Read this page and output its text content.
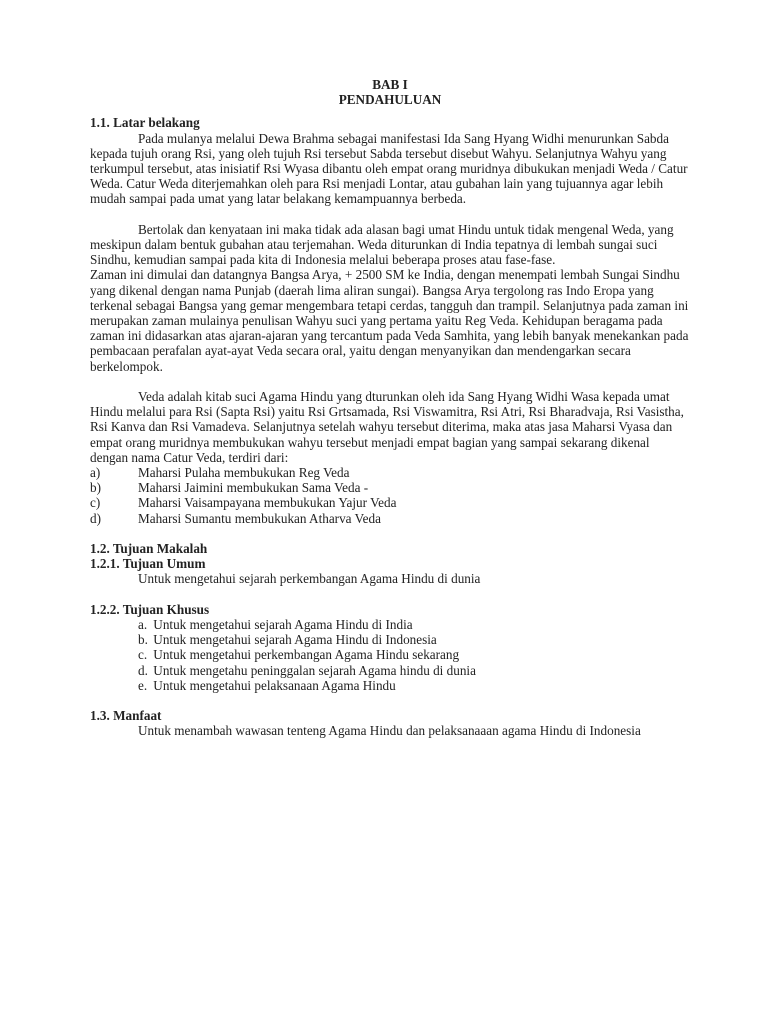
BAB I
PENDAHULUAN
1.1. Latar belakang

Pada mulanya melalui Dewa Brahma sebagai manifestasi Ida Sang Hyang Widhi menurunkan Sabda kepada tujuh orang Rsi, yang oleh tujuh Rsi tersebut Sabda tersebut disebut Wahyu. Selanjutnya Wahyu yang terkumpul tersebut, atas inisiatif Rsi Wyasa dibantu oleh empat orang muridnya dibukukan menjadi Weda / Catur Weda. Catur Weda diterjemahkan oleh para Rsi menjadi Lontar, atau gubahan lain yang tujuannya agar lebih mudah sampai pada umat yang latar belakang kemampuannya berbeda.

Bertolak dan kenyataan ini maka tidak ada alasan bagi umat Hindu untuk tidak mengenal Weda, yang meskipun dalam bentuk gubahan atau terjemahan. Weda diturunkan di India tepatnya di lembah sungai suci Sindhu, kemudian sampai pada kita di Indonesia melalui beberapa proses atau fase-fase.

Zaman ini dimulai dan datangnya Bangsa Arya, + 2500 SM ke India, dengan menempati lembah Sungai Sindhu yang dikenal dengan nama Punjab (daerah lima aliran sungai). Bangsa Arya tergolong ras Indo Eropa yang terkenal sebagai Bangsa yang gemar mengembara tetapi cerdas, tangguh dan trampil. Selanjutnya pada zaman ini merupakan zaman mulainya penulisan Wahyu suci yang pertama yaitu Reg Veda. Kehidupan beragama pada zaman ini didasarkan atas ajaran-ajaran yang tercantum pada Veda Samhita, yang lebih banyak menekankan pada pembacaan perafalan ayat-ayat Veda secara oral, yaitu dengan menyanyikan dan mendengarkan secara berkelompok.

Veda adalah kitab suci Agama Hindu yang dturunkan oleh ida Sang Hyang Widhi Wasa kepada umat Hindu melalui para Rsi (Sapta Rsi) yaitu Rsi Grtsamada, Rsi Viswamitra, Rsi Atri, Rsi Bharadvaja, Rsi Vasistha, Rsi Kanva dan Rsi Vamadeva. Selanjutnya setelah wahyu tersebut diterima, maka atas jasa Maharsi Vyasa dan empat orang muridnya membukukan wahyu tersebut menjadi empat bagian yang sampai sekarang dikenal dengan nama Catur Veda, terdiri dari:

a)	Maharsi Pulaha membukukan Reg Veda
b)	Maharsi Jaimini membukukan Sama Veda -
c)	Maharsi Vaisampayana membukukan Yajur Veda
d)	Maharsi Sumantu membukukan Atharva Veda
1.2. Tujuan Makalah
1.2.1. Tujuan Umum
Untuk mengetahui sejarah perkembangan Agama Hindu di dunia
1.2.2. Tujuan Khusus
a. Untuk mengetahui sejarah Agama Hindu di India
b. Untuk mengetahui sejarah Agama Hindu di Indonesia
c. Untuk mengetahui perkembangan Agama Hindu sekarang
d. Untuk mengetahu peninggalan sejarah Agama hindu di dunia
e. Untuk mengetahui pelaksanaan Agama Hindu
1.3. Manfaat

Untuk menambah wawasan tenteng Agama Hindu dan pelaksanaaan agama Hindu di Indonesia
